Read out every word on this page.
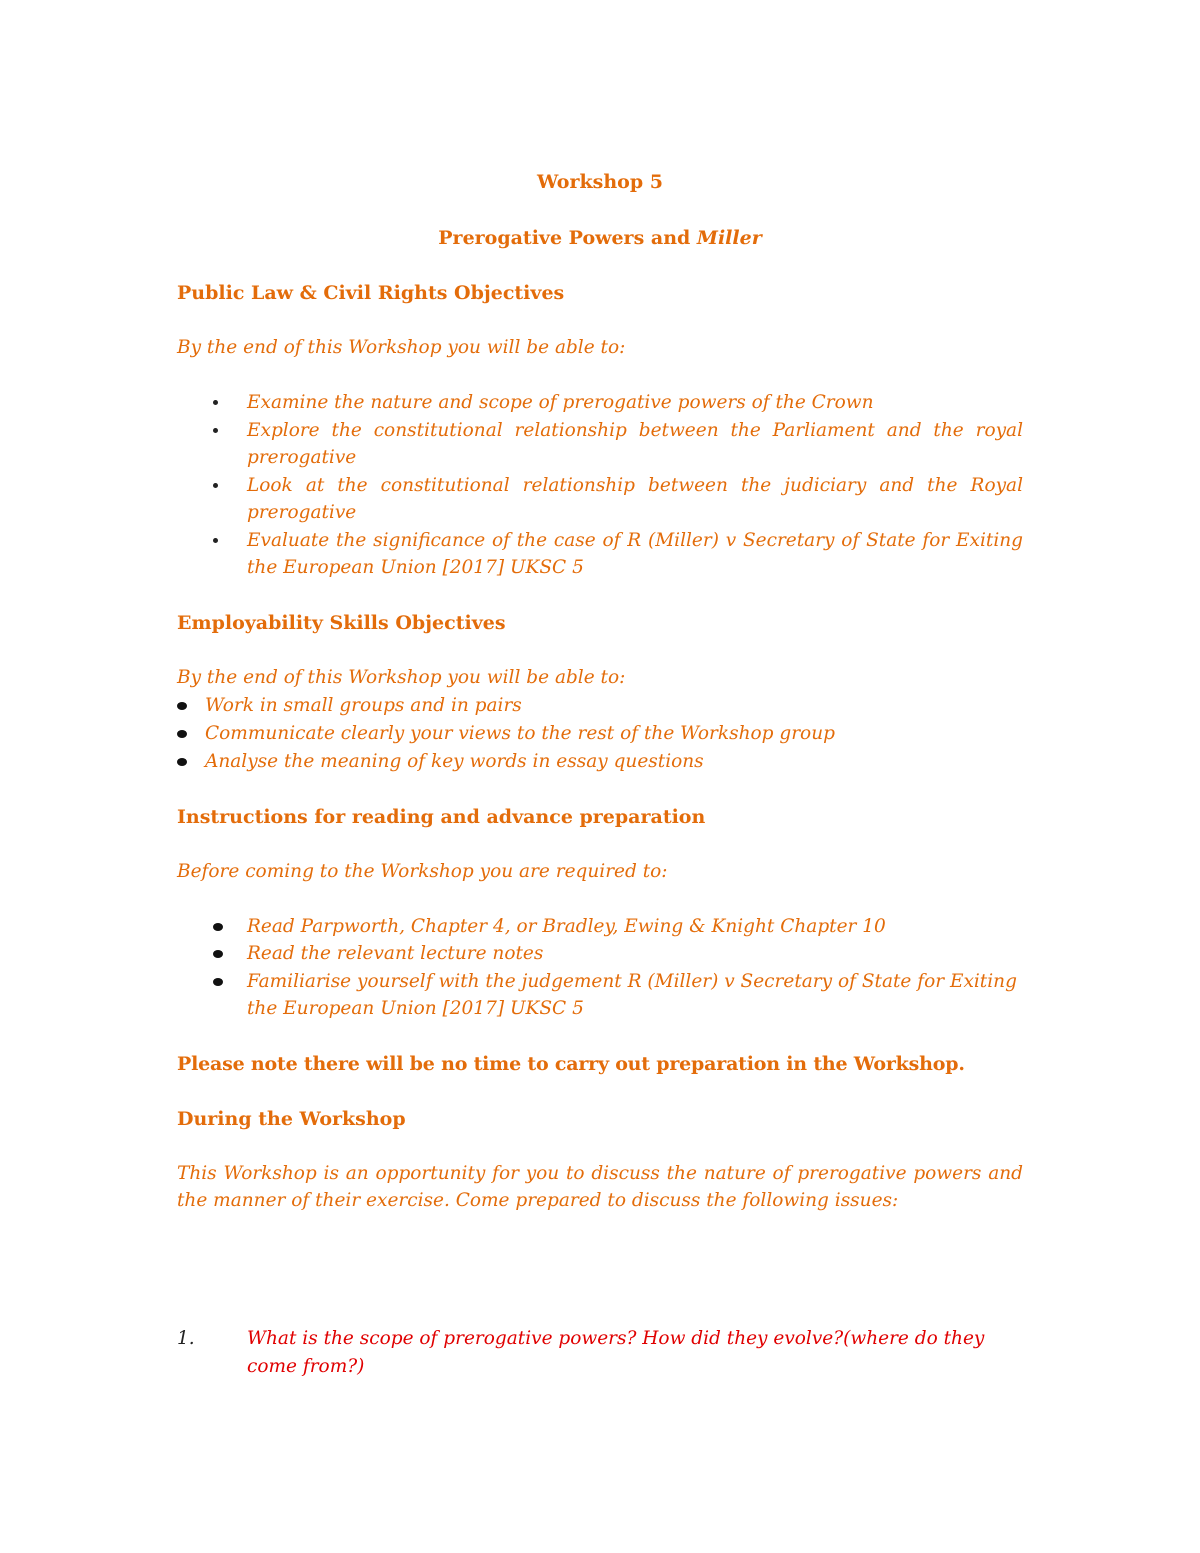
Workshop 5

Prerogative Powers and Miller

Public Law & Civil Rights Objectives

By the end of this Workshop you will be able to:

Examine the nature and scope of prerogative powers of the Crown
Explore the constitutional relationship between the Parliament and the royal prerogative
Look at the constitutional relationship between the judiciary and the Royal prerogative
Evaluate the significance of the case of R (Miller) v Secretary of State for Exiting the European Union [2017] UKSC 5

Employability Skills Objectives

By the end of this Workshop you will be able to:

Work in small groups and in pairs
Communicate clearly your views to the rest of the Workshop group
Analyse the meaning of key words in essay questions

Instructions for reading and advance preparation

Before coming to the Workshop you are required to:

Read Parpworth, Chapter 4, or Bradley, Ewing & Knight Chapter 10
Read the relevant lecture notes
Familiarise yourself with the judgement R (Miller) v Secretary of State for Exiting the European Union [2017] UKSC 5

Please note there will be no time to carry out preparation in the Workshop.

During the Workshop

This Workshop is an opportunity for you to discuss the nature of prerogative powers and the manner of their exercise. Come prepared to discuss the following issues:

1.	What is the scope of prerogative powers? How did they evolve?(where do they come from?)
